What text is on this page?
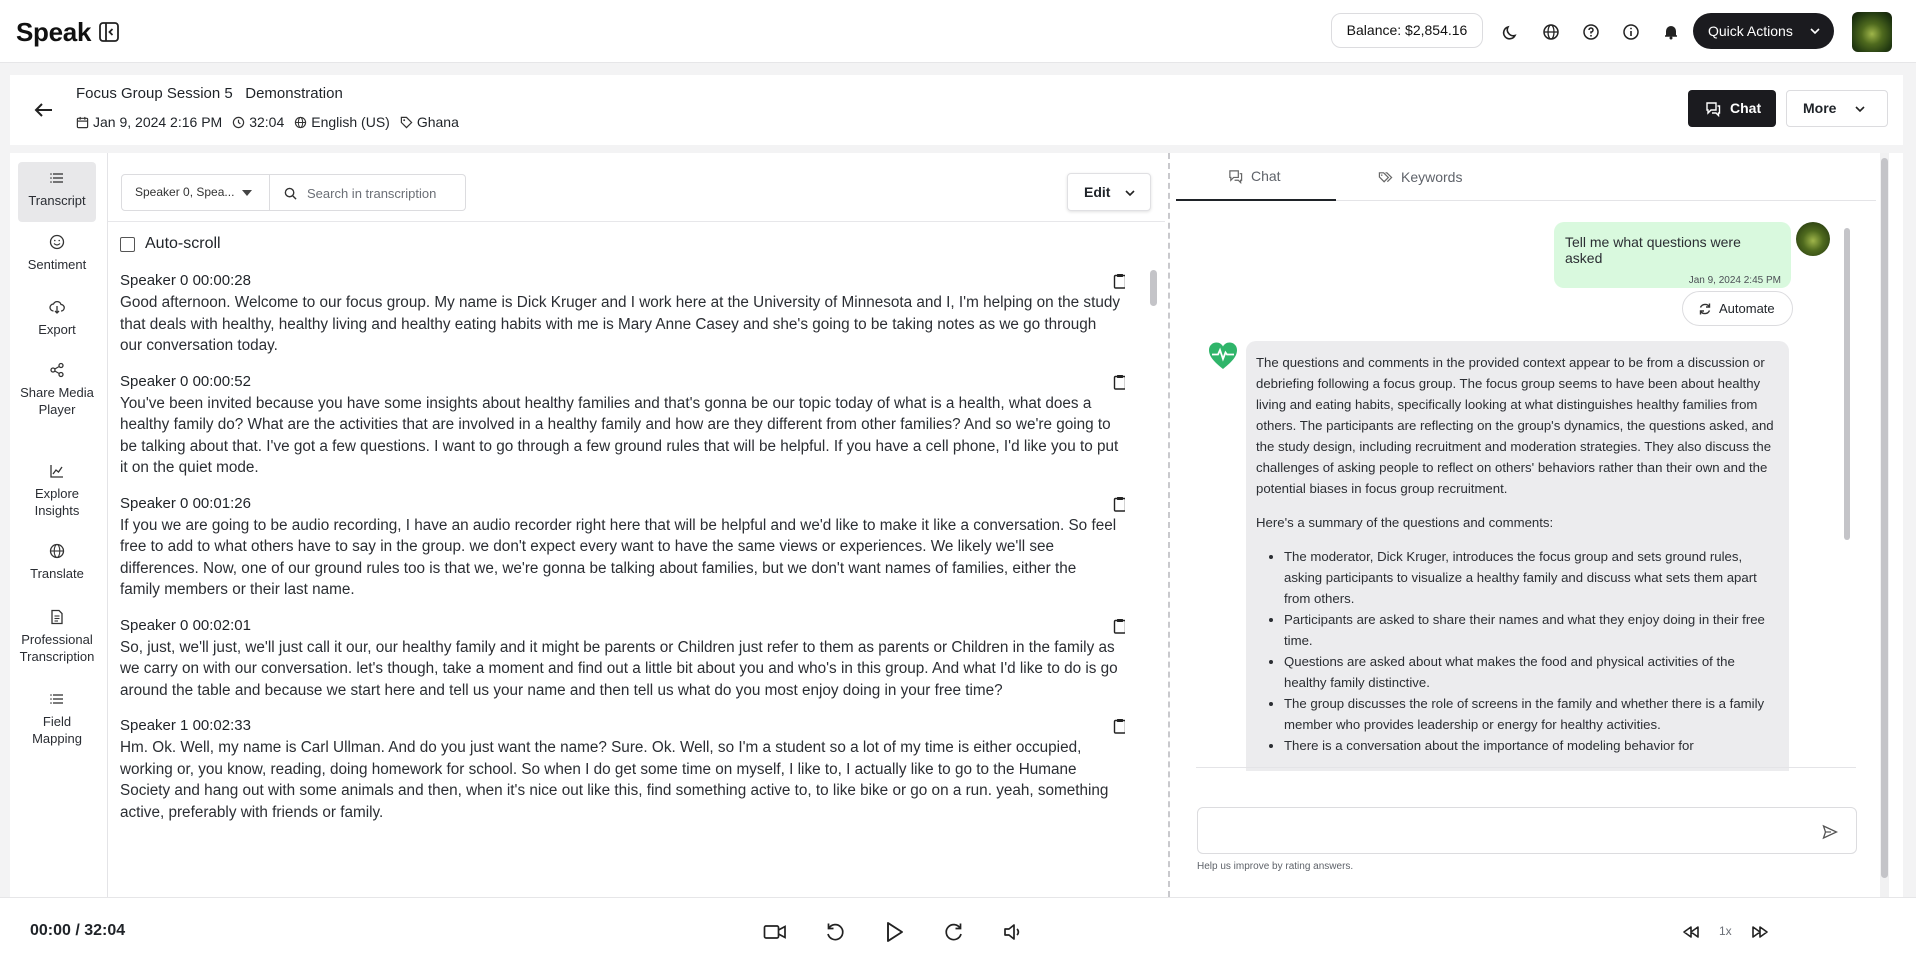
Speak	Balance: $2,854.16	Quick Actions
Focus Group Session 5   Demonstration
Jan 9, 2024 2:16 PM 32:04 English (US) Ghana
Chat	More
Transcript
Sentiment
Export
Share Media Player
Explore Insights
Translate
Professional Transcription
Field Mapping
Speaker 0, Spea...
Search in transcription	Edit
Auto-scroll
Speaker 0 00:00:28
Good afternoon. Welcome to our focus group. My name is Dick Kruger and I work here at the University of Minnesota and I, I'm helping on the study that deals with healthy, healthy living and healthy eating habits with me is Mary Anne Casey and she's going to be taking notes as we go through our conversation today.
Speaker 0 00:00:52
You've been invited because you have some insights about healthy families and that's gonna be our topic today of what is a health, what does a healthy family do? What are the activities that are involved in a healthy family and how are they different from other families? And so we're going to be talking about that. I've got a few questions. I want to go through a few ground rules that will be helpful. If you have a cell phone, I'd like you to put it on the quiet mode.
Speaker 0 00:01:26
If you we are going to be audio recording, I have an audio recorder right here that will be helpful and we'd like to make it like a conversation. So feel free to add to what others have to say in the group. we don't expect every want to have the same views or experiences. We likely we'll see differences. Now, one of our ground rules too is that we, we're gonna be talking about families, but we don't want names of families, either the family members or their last name.
Speaker 0 00:02:01
So, just, we'll just, we'll just call it our, our healthy family and it might be parents or Children just refer to them as parents or Children in the family as we carry on with our conversation. let's though, take a moment and find out a little bit about you and who's in this group. And what I'd like to do is go around the table and because we start here and tell us your name and then tell us what do you most enjoy doing in your free time?
Speaker 1 00:02:33
Hm. Ok. Well, my name is Carl Ullman. And do you just want the name? Sure. Ok. Well, so I'm a student so a lot of my time is either occupied, working or, you know, reading, doing homework for school. So when I do get some time on myself, I like to, I actually like to go to the Humane Society and hang out with some animals and then, when it's nice out like this, find something active to, to like bike or go on a run. yeah, something active, preferably with friends or family.
Chat	Keywords
Tell me what questions were asked
Jan 9, 2024 2:45 PM
Automate

The questions and comments in the provided context appear to be from a discussion or debriefing following a focus group. The focus group seems to have been about healthy living and eating habits, specifically looking at what distinguishes healthy families from others. The participants are reflecting on the group's dynamics, the questions asked, and the study design, including recruitment and moderation strategies. They also discuss the challenges of asking people to reflect on others' behaviors rather than their own and the potential biases in focus group recruitment.

Here's a summary of the questions and comments:

• The moderator, Dick Kruger, introduces the focus group and sets ground rules, asking participants to visualize a healthy family and discuss what sets them apart from others.
• Participants are asked to share their names and what they enjoy doing in their free time.
• Questions are asked about what makes the food and physical activities of the healthy family distinctive.
• The group discusses the role of screens in the family and whether there is a family member who provides leadership or energy for healthy activities.
• There is a conversation about the importance of modeling behavior for
Help us improve by rating answers.
00:00 / 32:04	1x
